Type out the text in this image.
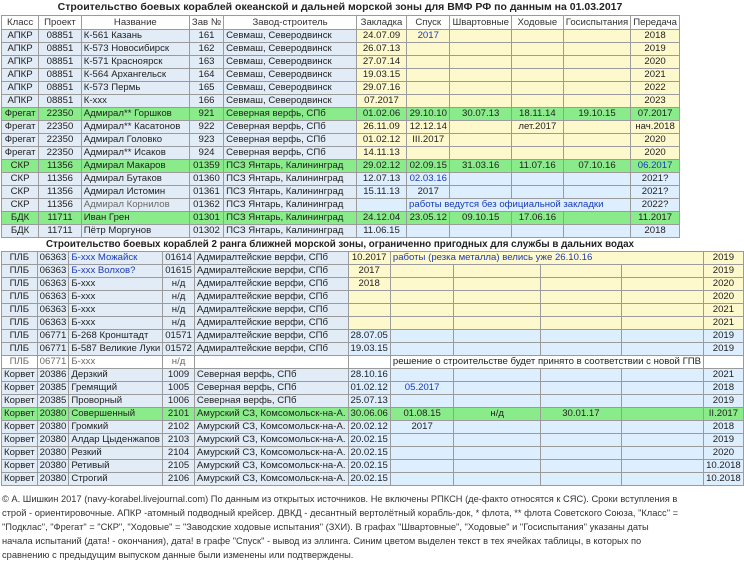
Строительство боевых кораблей океанской и дальней морской зоны для ВМФ РФ по данным на 01.03.2017
Класс	Проект	Название	Зав №	Завод-строитель	Закладка	Спуск	Швартовные	Ходовые	Госиспытания	Передача
АПКР	08851	К-561 Казань	161	Севмаш, Северодвинск	24.07.09	2017				2018
АПКР	08851	К-573 Новосибирск	162	Севмаш, Северодвинск	26.07.13					2019
АПКР	08851	К-571 Красноярск	163	Севмаш, Северодвинск	27.07.14					2020
АПКР	08851	К-564 Архангельск	164	Севмаш, Северодвинск	19.03.15					2021
АПКР	08851	К-573 Пермь	165	Севмаш, Северодвинск	29.07.16					2022
АПКР	08851	К-ххх	166	Севмаш, Северодвинск	07.2017					2023
Фрегат	22350	Адмирал** Горшков	921	Северная верфь, СПб	01.02.06	29.10.10	30.07.13	18.11.14	19.10.15	07.2017
Фрегат	22350	Адмирал** Касатонов	922	Северная верфь, СПб	26.11.09	12.12.14		лет.2017		нач.2018
Фрегат	22350	Адмирал Головко	923	Северная верфь, СПб	01.02.12	III.2017				2020
Фрегат	22350	Адмирал** Исаков	924	Северная верфь, СПб	14.11.13					2020
СКР	11356	Адмирал Макаров	01359	ПСЗ Янтарь, Калининград	29.02.12	02.09.15	31.03.16	11.07.16	07.10.16	06.2017
СКР	11356	Адмирал Бутаков	01360	ПСЗ Янтарь, Калининград	12.07.13	02.03.16				2021?
СКР	11356	Адмирал Истомин	01361	ПСЗ Янтарь, Калининград	15.11.13	2017				2021?
СКР	11356	Адмирал Корнилов	01362	ПСЗ Янтарь, Калининград		работы ведутся без официальной закладки				2022?
БДК	11711	Иван Грен	01301	ПСЗ Янтарь, Калининград	24.12.04	23.05.12	09.10.15	17.06.16		11.2017
БДК	11711	Пётр Моргунов	01302	ПСЗ Янтарь, Калининград	11.06.15					2018
Строительство боевых кораблей 2 ранга ближней морской зоны, ограниченно пригодных для службы в дальних водах
ПЛБ	06363	Б-ххх Можайск	01614	Адмиралтейские верфи, СПб	10.2017	работы (резка металла) велись уже 26.10.16				2019
ПЛБ	06363	Б-ххх Волхов?	01615	Адмиралтейские верфи, СПб	2017					2019
ПЛБ	06363	Б-ххх	н/д	Адмиралтейские верфи, СПб	2018					2020
ПЛБ	06363	Б-ххх	н/д	Адмиралтейские верфи, СПб						2020
ПЛБ	06363	Б-ххх	н/д	Адмиралтейские верфи, СПб						2021
ПЛБ	06363	Б-ххх	н/д	Адмиралтейские верфи, СПб						2021
ПЛБ	06771	Б-268 Кронштадт	01571	Адмиралтейские верфи, СПб	28.07.05					2019
ПЛБ	06771	Б-587 Великие Луки	01572	Адмиралтейские верфи, СПб	19.03.15					2019
ПЛБ	06771	Б-ххх	н/д			решение о строительстве будет принято в соответствии с новой ГПВ				
Корвет	20386	Дерзкий	1009	Северная верфь, СПб	28.10.16					2021
Корвет	20385	Гремящий	1005	Северная верфь, СПб	01.02.12	05.2017				2018
Корвет	20385	Проворный	1006	Северная верфь, СПб	25.07.13					2019
Корвет	20380	Совершенный	2101	Амурский СЗ, Комсомольск-на-А.	30.06.06	01.08.15	н/д	30.01.17		II.2017
Корвет	20380	Громкий	2102	Амурский СЗ, Комсомольск-на-А.	20.02.12	2017				2018
Корвет	20380	Алдар Цыденжапов	2103	Амурский СЗ, Комсомольск-на-А.	20.02.15					2019
Корвет	20380	Резкий	2104	Амурский СЗ, Комсомольск-на-А.	20.02.15					2020
Корвет	20380	Ретивый	2105	Амурский СЗ, Комсомольск-на-А.	20.02.15					10.2018
Корвет	20380	Строгий	2106	Амурский СЗ, Комсомольск-на-А.	20.02.15					10.2018
© А. Шишкин 2017 (navy-korabel.livejournal.com) По данным из открытых источников. Не включены РПКСН (де-факто относятся к СЯС). Сроки вступления в строй - ориентировочные. АПКР -атомный подводный крейсер. ДВКД - десантный вертолётный корабль-док, * флота, ** флота Советского Союза, "Класс" = "Подклас", "Фрегат" = "СКР", "Ходовые" = "Заводские ходовые испытания" (ЗХИ). В графах "Швартовные", "Ходовые" и "Госиспытания" указаны даты начала испытаний (дата! - окончания), дата! в графе "Спуск" - вывод из эллинга. Синим цветом выделен текст в тех ячейках таблицы, в которых по сравнению с предыдущим выпуском данные были изменены или подтверждены.
